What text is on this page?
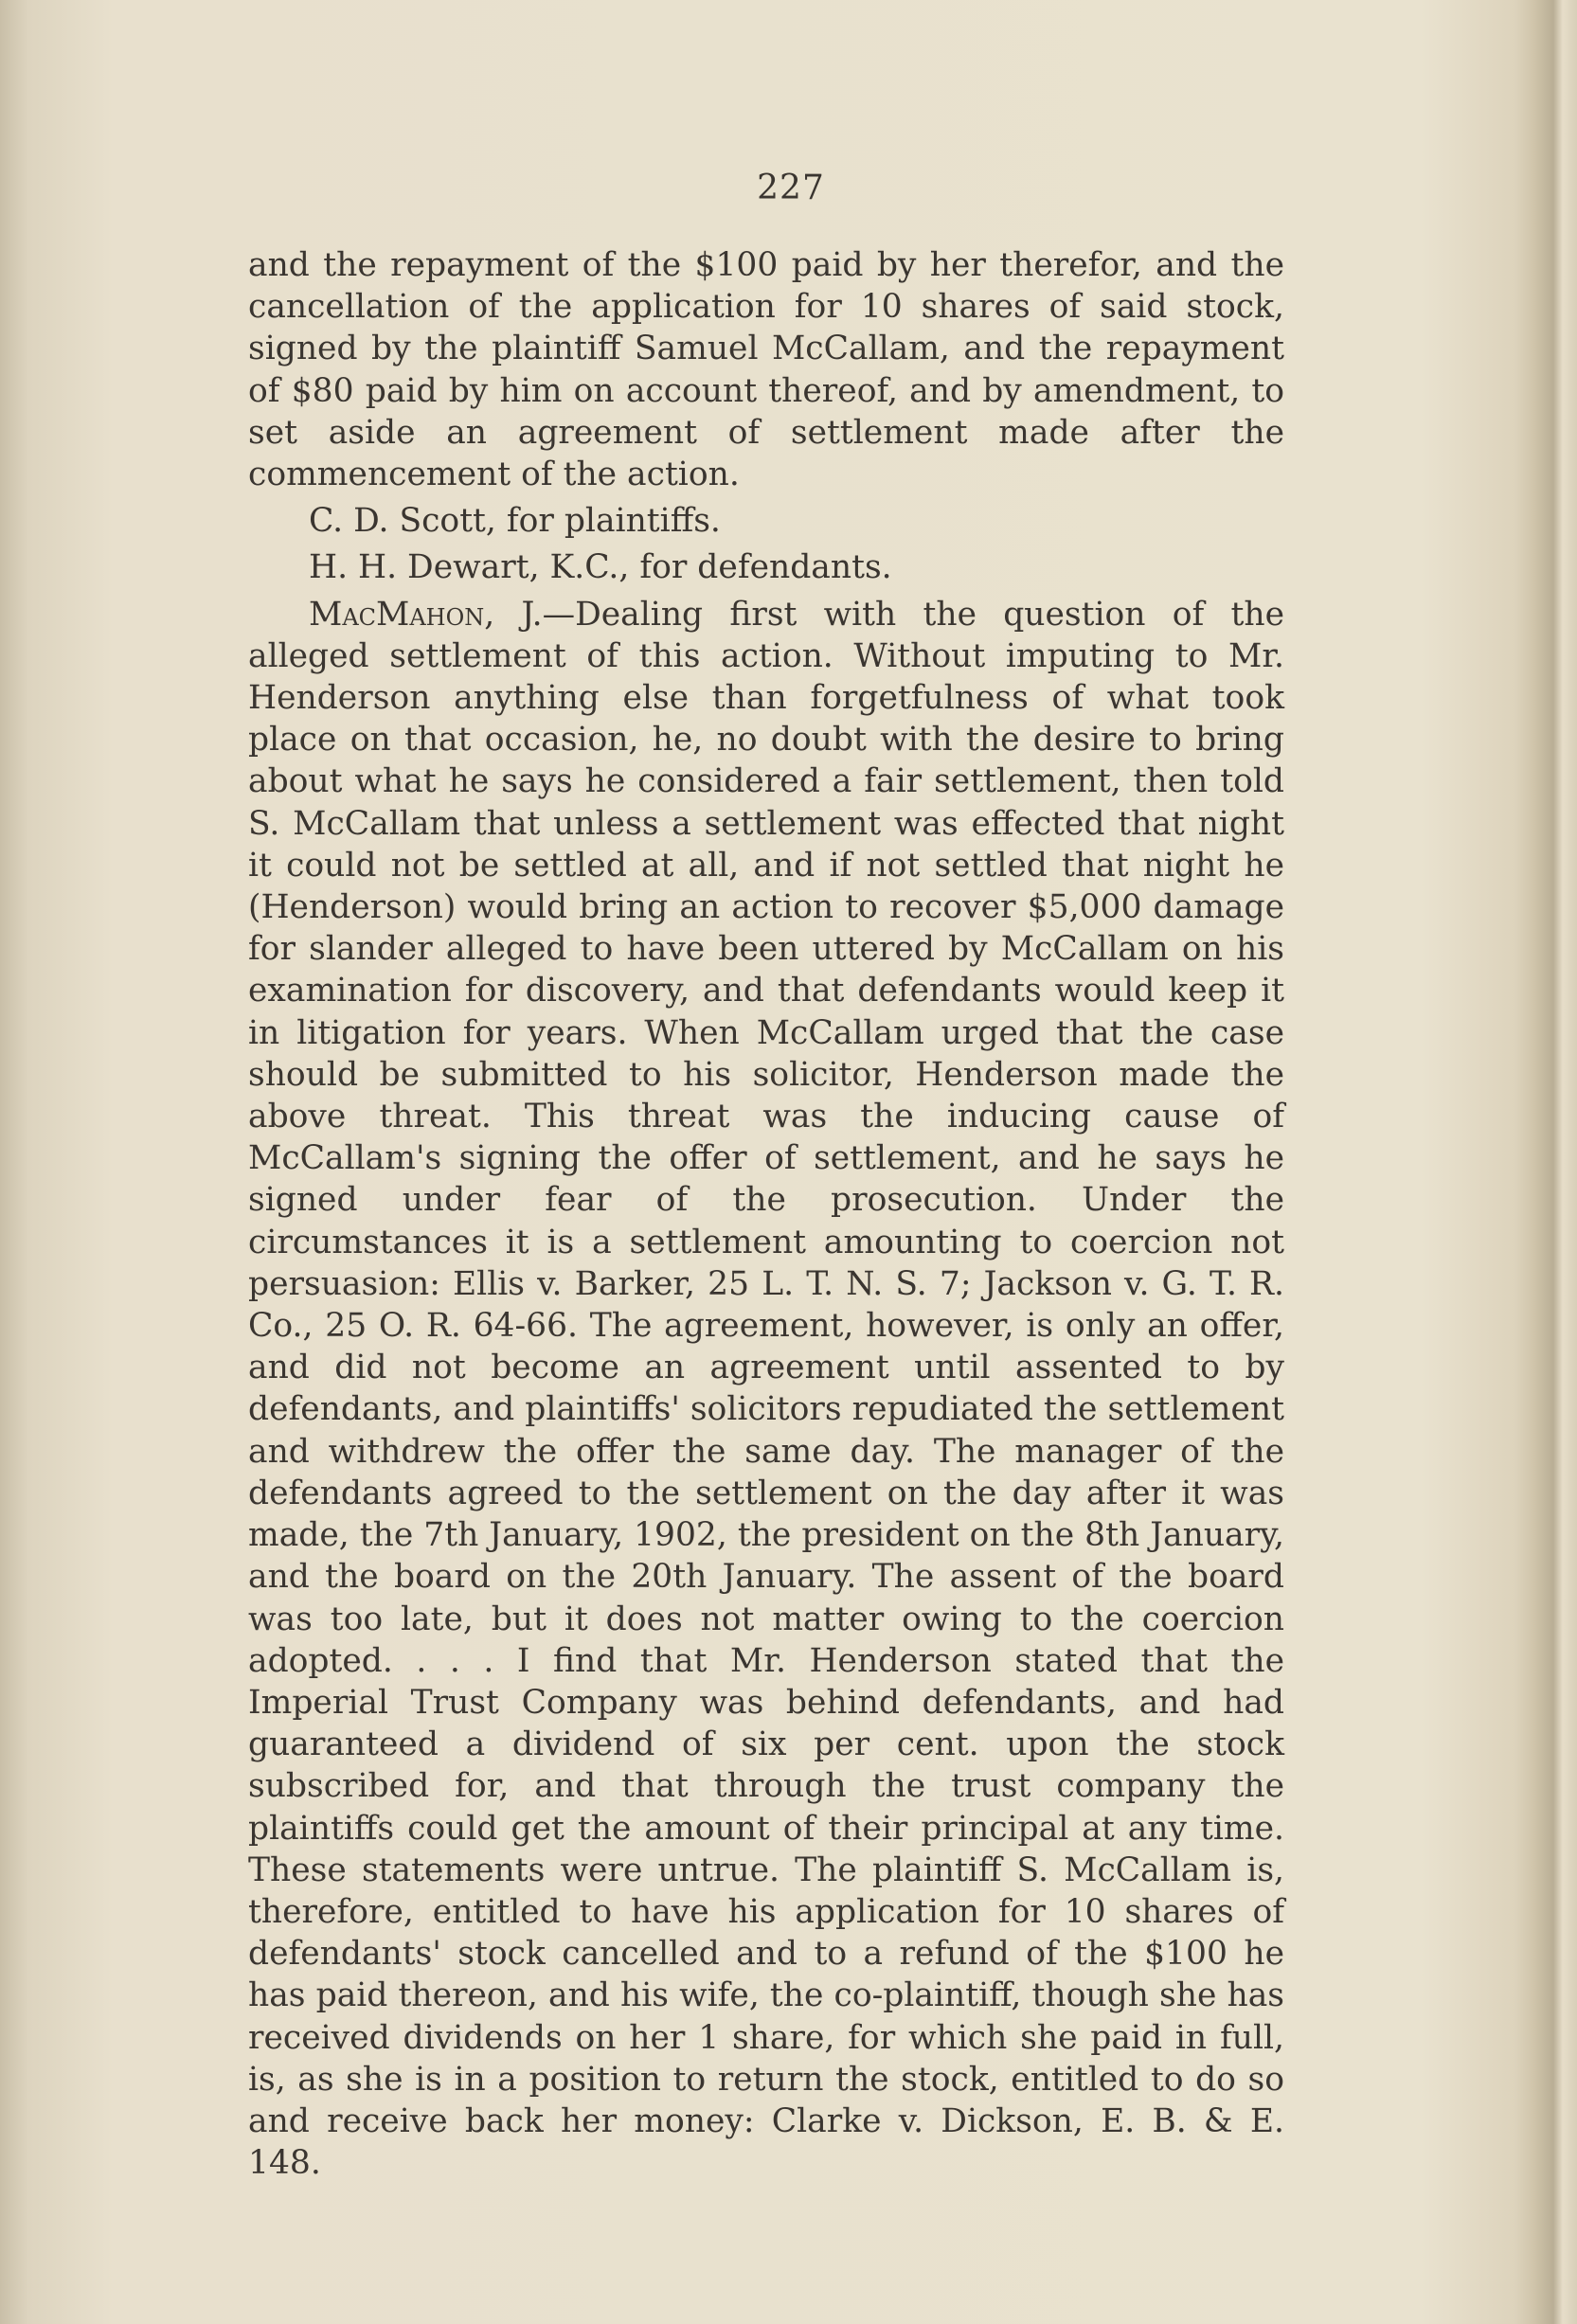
227

and the repayment of the $100 paid by her therefor, and the cancellation of the application for 10 shares of said stock, signed by the plaintiff Samuel McCallam, and the repayment of $80 paid by him on account thereof, and by amendment, to set aside an agreement of settlement made after the commencement of the action.

C. D. Scott, for plaintiffs.

H. H. Dewart, K.C., for defendants.

MacMahon, J.—Dealing first with the question of the alleged settlement of this action. Without imputing to Mr. Henderson anything else than forgetfulness of what took place on that occasion, he, no doubt with the desire to bring about what he says he considered a fair settlement, then told S. McCallam that unless a settlement was effected that night it could not be settled at all, and if not settled that night he (Henderson) would bring an action to recover $5,000 damage for slander alleged to have been uttered by McCallam on his examination for discovery, and that defendants would keep it in litigation for years. When McCallam urged that the case should be submitted to his solicitor, Henderson made the above threat. This threat was the inducing cause of McCallam's signing the offer of settlement, and he says he signed under fear of the prosecution. Under the circumstances it is a settlement amounting to coercion not persuasion: Ellis v. Barker, 25 L. T. N. S. 7; Jackson v. G. T. R. Co., 25 O. R. 64-66. The agreement, however, is only an offer, and did not become an agreement until assented to by defendants, and plaintiffs' solicitors repudiated the settlement and withdrew the offer the same day. The manager of the defendants agreed to the settlement on the day after it was made, the 7th January, 1902, the president on the 8th January, and the board on the 20th January. The assent of the board was too late, but it does not matter owing to the coercion adopted. . . . I find that Mr. Henderson stated that the Imperial Trust Company was behind defendants, and had guaranteed a dividend of six per cent. upon the stock subscribed for, and that through the trust company the plaintiffs could get the amount of their principal at any time. These statements were untrue. The plaintiff S. McCallam is, therefore, entitled to have his application for 10 shares of defendants' stock cancelled and to a refund of the $100 he has paid thereon, and his wife, the co-plaintiff, though she has received dividends on her 1 share, for which she paid in full, is, as she is in a position to return the stock, entitled to do so and receive back her money: Clarke v. Dickson, E. B. & E. 148.
